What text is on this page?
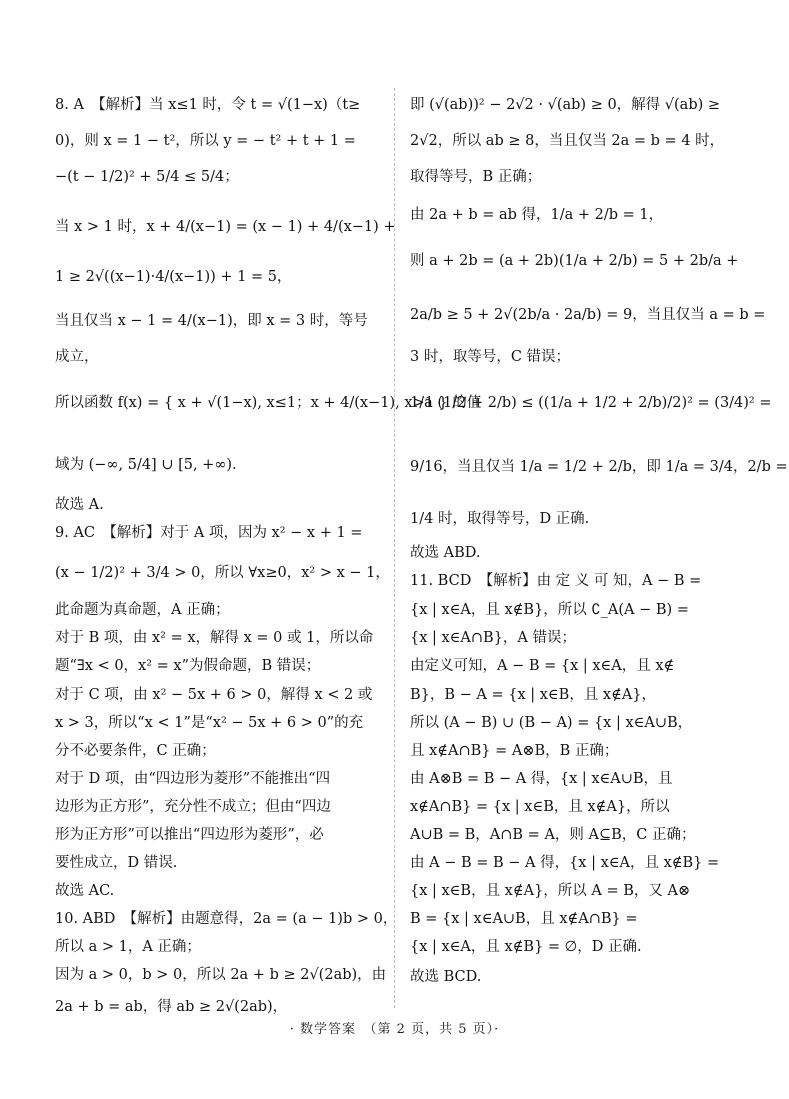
8. A　【解析】当 x≤1 时，令 t = √(1−x)（t≥
0)，则 x = 1 − t²，所以 y = − t² + t + 1 =
−(t − 1/2)² + 5/4 ≤ 5/4；
当 x > 1 时，x + 4/(x−1) = (x − 1) + 4/(x−1) +
1 ≥ 2√((x−1)·4/(x−1)) + 1 = 5，
当且仅当 x − 1 = 4/(x−1)，即 x = 3 时，等号
成立，
所以函数 f(x) = { x + √(1−x), x≤1；x + 4/(x−1), x>1 } 的值
域为 (−∞, 5/4] ∪ [5, +∞).
故选 A.
9. AC　【解析】对于 A 项，因为 x² − x + 1 =
(x − 1/2)² + 3/4 > 0，所以 ∀x≥0，x² > x − 1，
此命题为真命题，A 正确；
对于 B 项，由 x² = x，解得 x = 0 或 1，所以命
题“∃x < 0，x² = x”为假命题，B 错误；
对于 C 项，由 x² − 5x + 6 > 0，解得 x < 2 或
x > 3，所以“x < 1”是“x² − 5x + 6 > 0”的充
分不必要条件，C 正确；
对于 D 项，由“四边形为菱形”不能推出“四
边形为正方形”，充分性不成立；但由“四边
形为正方形”可以推出“四边形为菱形”，必
要性成立，D 错误.
故选 AC.
10. ABD　【解析】由题意得，2a = (a − 1)b > 0，
所以 a > 1，A 正确；
因为 a > 0，b > 0，所以 2a + b ≥ 2√(2ab)，由
2a + b = ab，得 ab ≥ 2√(2ab)，
即 (√(ab))² − 2√2 · √(ab) ≥ 0，解得 √(ab) ≥
2√2，所以 ab ≥ 8，当且仅当 2a = b = 4 时，
取得等号，B 正确；
由 2a + b = ab 得，1/a + 2/b = 1，
则 a + 2b = (a + 2b)(1/a + 2/b) = 5 + 2b/a +
2a/b ≥ 5 + 2√(2b/a · 2a/b) = 9，当且仅当 a = b =
3 时，取等号，C 错误；
1/a (1/2 + 2/b) ≤ ((1/a + 1/2 + 2/b)/2)² = (3/4)² =
9/16，当且仅当 1/a = 1/2 + 2/b，即 1/a = 3/4，2/b =
1/4 时，取得等号，D 正确.
故选 ABD.
11. BCD　【解析】由 定 义 可 知，A − B =
{x | x∈A，且 x∉B}，所以 ∁_A(A − B) =
{x | x∈A∩B}，A 错误；
由定义可知，A − B = {x | x∈A，且 x∉
B}，B − A = {x | x∈B，且 x∉A}，
所以 (A − B) ∪ (B − A) = {x | x∈A∪B，
且 x∉A∩B} = A⊗B，B 正确；
由 A⊗B = B − A 得，{x | x∈A∪B，且
x∉A∩B} = {x | x∈B，且 x∉A}，所以
A∪B = B，A∩B = A，则 A⊆B，C 正确；
由 A − B = B − A 得，{x | x∈A，且 x∉B} =
{x | x∈B，且 x∉A}，所以 A = B，又 A⊗
B = {x | x∈A∪B，且 x∉A∩B} =
{x | x∈A，且 x∉B} = ∅，D 正确.
故选 BCD.
· 数学答案　（第 2 页，共 5 页）·
